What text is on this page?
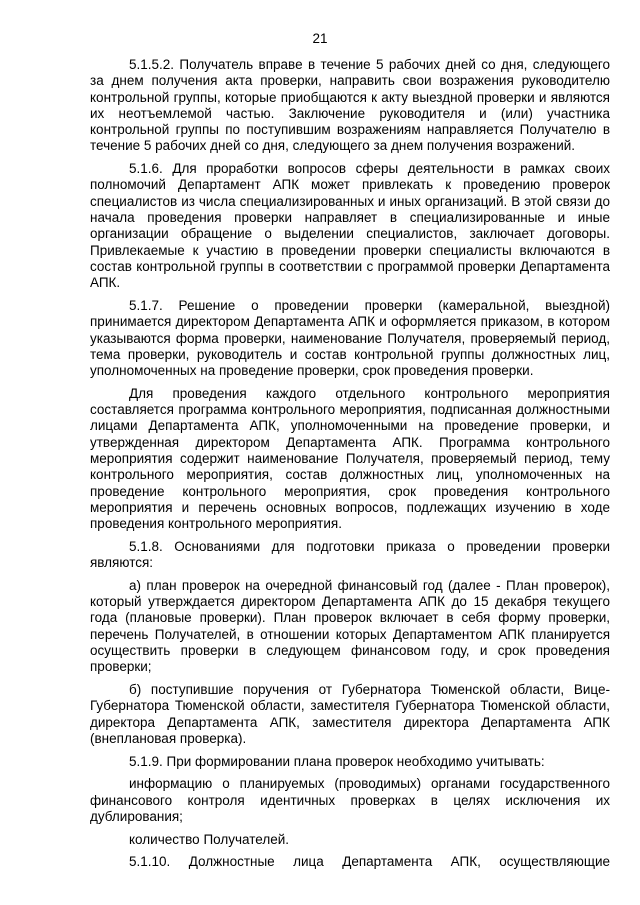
21

5.1.5.2. Получатель вправе в течение 5 рабочих дней со дня, следующего за днем получения акта проверки, направить свои возражения руководителю контрольной группы, которые приобщаются к акту выездной проверки и являются их неотъемлемой частью. Заключение руководителя и (или) участника контрольной группы по поступившим возражениям направляется Получателю в течение 5 рабочих дней со дня, следующего за днем получения возражений.

5.1.6. Для проработки вопросов сферы деятельности в рамках своих полномочий Департамент АПК может привлекать к проведению проверок специалистов из числа специализированных и иных организаций. В этой связи до начала проведения проверки направляет в специализированные и иные организации обращение о выделении специалистов, заключает договоры. Привлекаемые к участию в проведении проверки специалисты включаются в состав контрольной группы в соответствии с программой проверки Департамента АПК.

5.1.7. Решение о проведении проверки (камеральной, выездной) принимается директором Департамента АПК и оформляется приказом, в котором указываются форма проверки, наименование Получателя, проверяемый период, тема проверки, руководитель и состав контрольной группы должностных лиц, уполномоченных на проведение проверки, срок проведения проверки.

Для проведения каждого отдельного контрольного мероприятия составляется программа контрольного мероприятия, подписанная должностными лицами Департамента АПК, уполномоченными на проведение проверки, и утвержденная директором Департамента АПК. Программа контрольного мероприятия содержит наименование Получателя, проверяемый период, тему контрольного мероприятия, состав должностных лиц, уполномоченных на проведение контрольного мероприятия, срок проведения контрольного мероприятия и перечень основных вопросов, подлежащих изучению в ходе проведения контрольного мероприятия.

5.1.8. Основаниями для подготовки приказа о проведении проверки являются:

а) план проверок на очередной финансовый год (далее - План проверок), который утверждается директором Департамента АПК до 15 декабря текущего года (плановые проверки). План проверок включает в себя форму проверки, перечень Получателей, в отношении которых Департаментом АПК планируется осуществить проверки в следующем финансовом году, и срок проведения проверки;

б) поступившие поручения от Губернатора Тюменской области, Вице-Губернатора Тюменской области, заместителя Губернатора Тюменской области, директора Департамента АПК, заместителя директора Департамента АПК (внеплановая проверка).

5.1.9. При формировании плана проверок необходимо учитывать:

информацию о планируемых (проводимых) органами государственного финансового контроля идентичных проверках в целях исключения их дублирования;

количество Получателей.

5.1.10. Должностные лица Департамента АПК, осуществляющие
